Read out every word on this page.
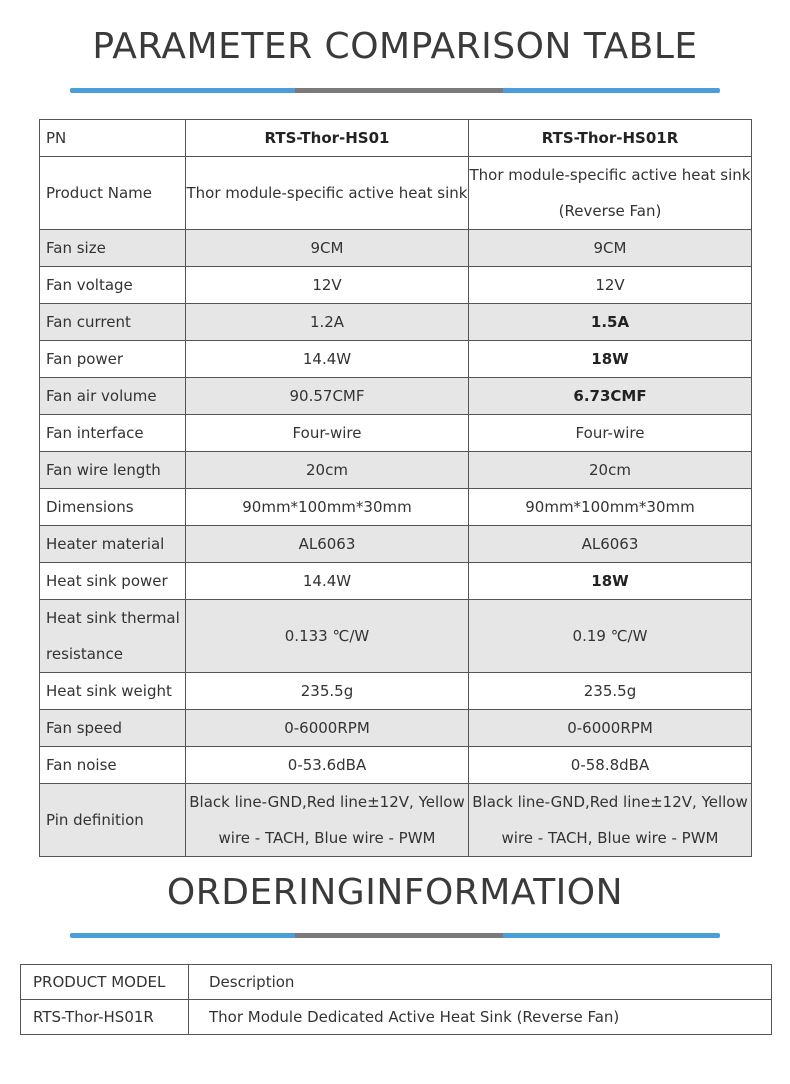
PARAMETER COMPARISON TABLE
PN	RTS-Thor-HS01	RTS-Thor-HS01R
Product Name	Thor module-specific active heat sink	Thor module-specific active heat sink (Reverse Fan)
Fan size	9CM	9CM
Fan voltage	12V	12V
Fan current	1.2A	1.5A
Fan power	14.4W	18W
Fan air volume	90.57CMF	6.73CMF
Fan interface	Four-wire	Four-wire
Fan wire length	20cm	20cm
Dimensions	90mm*100mm*30mm	90mm*100mm*30mm
Heater material	AL6063	AL6063
Heat sink power	14.4W	18W
Heat sink thermal resistance	0.133 ℃/W	0.19 ℃/W
Heat sink weight	235.5g	235.5g
Fan speed	0-6000RPM	0-6000RPM
Fan noise	0-53.6dBA	0-58.8dBA
Pin definition	Black line-GND,Red line±12V, Yellow wire - TACH, Blue wire - PWM	Black line-GND,Red line±12V, Yellow wire - TACH, Blue wire - PWM
ORDERINGINFORMATION
PRODUCT MODEL	Description
RTS-Thor-HS01R	Thor Module Dedicated Active Heat Sink (Reverse Fan)
